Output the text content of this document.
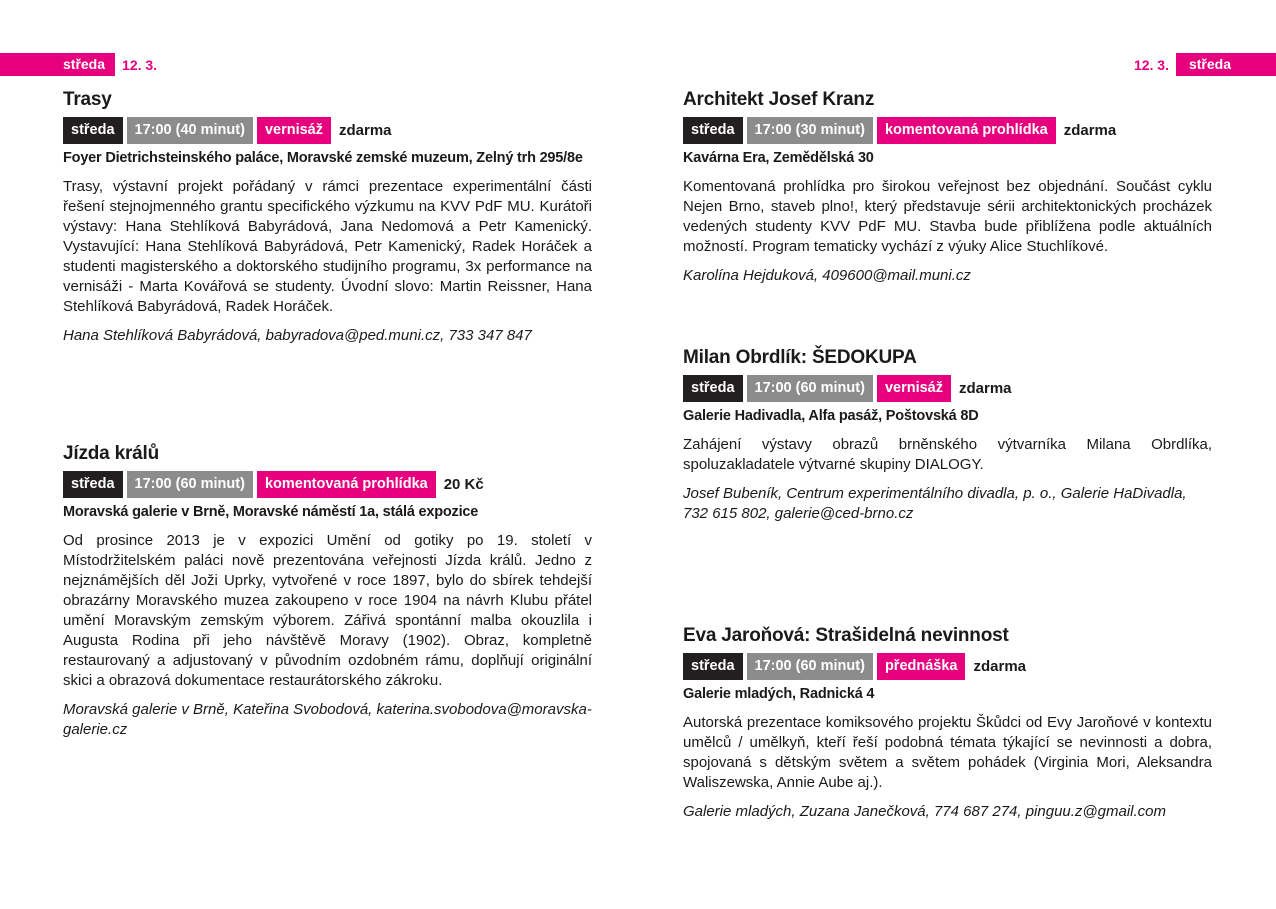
středa	12. 3.	12. 3.	středa
Trasy
středa	17:00 (40 minut)	vernisáž	zdarma
Foyer Dietrichsteinského paláce, Moravské zemské muzeum, Zelný trh 295/8e
Trasy, výstavní projekt pořádaný v rámci prezentace experimentální části řešení stejnojmenného grantu specifického výzkumu na KVV PdF MU. Kurátoři výstavy: Hana Stehlíková Babyrádová, Jana Nedomová a Petr Kamenický. Vystavující: Hana Stehlíková Babyrádová, Petr Kamenický, Radek Horáček a studenti magisterského a doktorského studijního programu, 3x performance na vernisáži - Marta Kovářová se studenty. Úvodní slovo: Martin Reissner, Hana Stehlíková Babyrádová, Radek Horáček.
Hana Stehlíková Babyrádová, babyradova@ped.muni.cz, 733 347 847
Jízda králů
středa	17:00 (60 minut)	komentovaná prohlídka	20 Kč
Moravská galerie v Brně, Moravské náměstí 1a, stálá expozice
Od prosince 2013 je v expozici Umění od gotiky po 19. století v Místodržitelském paláci nově prezentována veřejnosti Jízda králů. Jedno z nejznámějších děl Joži Uprky, vytvořené v roce 1897, bylo do sbírek tehdejší obrazárny Moravského muzea zakoupeno v roce 1904 na návrh Klubu přátel umění Moravským zemským výborem. Zářivá spontánní malba okouzlila i Augusta Rodina při jeho návštěvě Moravy (1902). Obraz, kompletně restaurovaný a adjustovaný v původním ozdobném rámu, doplňují originální skici a obrazová dokumentace restaurátorského zákroku.
Moravská galerie v Brně, Kateřina Svobodová, katerina.svobodova@moravska-galerie.cz
Architekt Josef Kranz
středa	17:00 (30 minut)	komentovaná prohlídka	zdarma
Kavárna Era, Zemědělská 30
Komentovaná prohlídka pro širokou veřejnost bez objednání. Součást cyklu Nejen Brno, staveb plno!, který představuje sérii architektonických procházek vedených studenty KVV PdF MU. Stavba bude přiblížena podle aktuálních možností. Program tematicky vychází z výuky Alice Stuchlíkové.
Karolína Hejduková, 409600@mail.muni.cz
Milan Obrdlík: ŠEDOKUPA
středa	17:00 (60 minut)	vernisáž	zdarma
Galerie Hadivadla, Alfa pasáž, Poštovská 8D
Zahájení výstavy obrazů brněnského výtvarníka Milana Obrdlíka, spoluzakladatele výtvarné skupiny DIALOGY.
Josef Bubeník, Centrum experimentálního divadla, p. o., Galerie HaDivadla, 732 615 802, galerie@ced-brno.cz
Eva Jaroňová: Strašidelná nevinnost
středa	17:00 (60 minut)	přednáška	zdarma
Galerie mladých, Radnická 4
Autorská prezentace komiksového projektu Škůdci od Evy Jaroňové v kontextu umělců / umělkyň, kteří řeší podobná témata týkající se nevinnosti a dobra, spojovaná s dětským světem a světem pohádek (Virginia Mori, Aleksandra Waliszewska, Annie Aube aj.).
Galerie mladých, Zuzana Janečková, 774 687 274, pinguu.z@gmail.com
